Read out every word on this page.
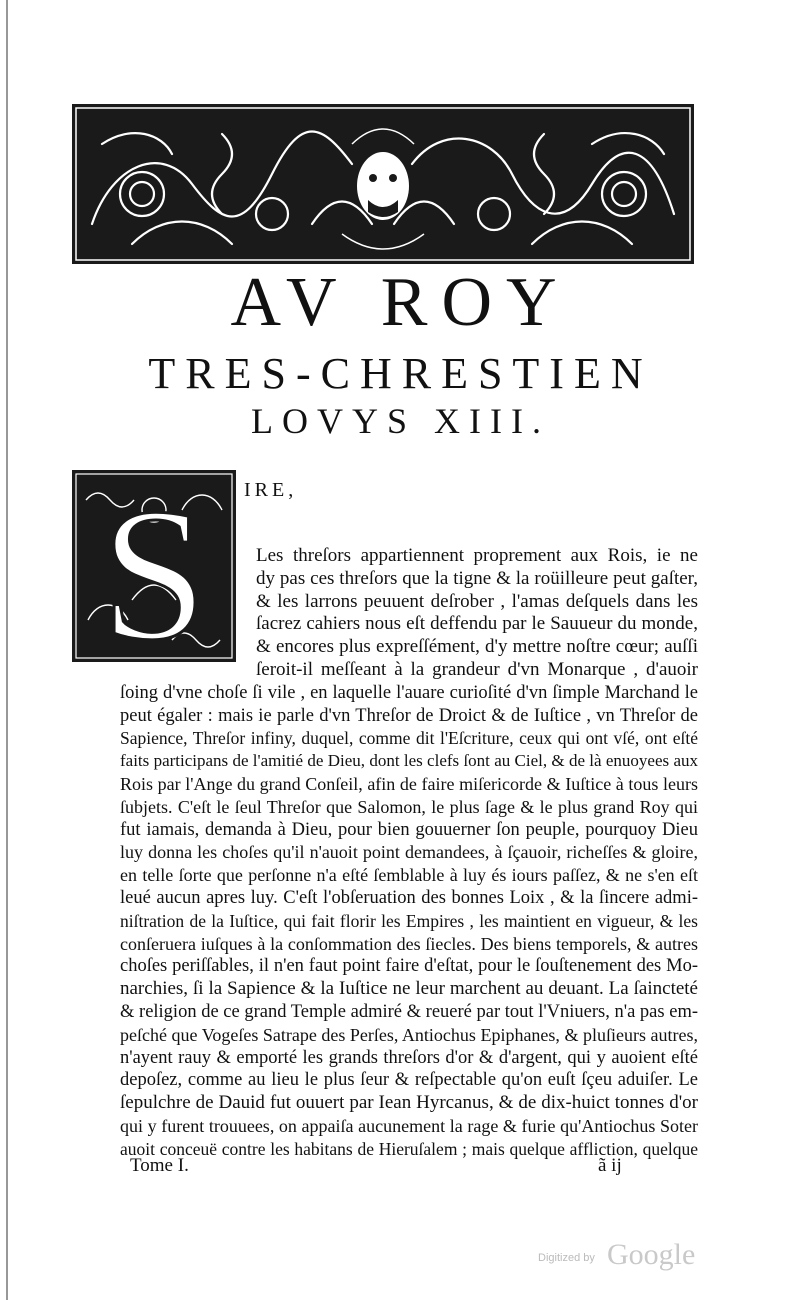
AV ROY
TRES-CHRESTIEN
LOVYS XIII.
S IRE,
Les threſors appartiennent proprement aux Rois, ie ne
dy pas ces threſors que la tigne & la roüilleure peut gaſter,
& les larrons peuuent deſrober , l'amas deſquels dans les
ſacrez cahiers nous eſt deffendu par le Sauueur du monde,
& encores plus expreſſément, d'y mettre noſtre cœur; auſſi
ſeroit-il meſſeant à la grandeur d'vn Monarque , d'auoir
ſoing d'vne choſe ſi vile , en laquelle l'auare curioſité d'vn ſimple Marchand le
peut égaler : mais ie parle d'vn Threſor de Droict & de Iuſtice , vn Threſor de
Sapience, Threſor infiny, duquel, comme dit l'Eſcriture, ceux qui ont vſé, ont eſté
faits participans de l'amitié de Dieu, dont les clefs ſont au Ciel, & de là enuoyees aux
Rois par l'Ange du grand Conſeil, afin de faire miſericorde & Iuſtice à tous leurs
ſubjets. C'eſt le ſeul Threſor que Salomon, le plus ſage & le plus grand Roy qui
fut iamais, demanda à Dieu, pour bien gouuerner ſon peuple, pourquoy Dieu
luy donna les choſes qu'il n'auoit point demandees, à ſçauoir, richeſſes & gloire,
en telle ſorte que perſonne n'a eſté ſemblable à luy és iours paſſez, & ne s'en eſt
leué aucun apres luy. C'eſt l'obſeruation des bonnes Loix , & la ſincere admi-
niſtration de la Iuſtice, qui fait florir les Empires , les maintient en vigueur, & les
conſeruera iuſques à la conſommation des ſiecles. Des biens temporels, & autres
choſes periſſables, il n'en faut point faire d'eſtat, pour le ſouſtenement des Mo-
narchies, ſi la Sapience & la Iuſtice ne leur marchent au deuant. La ſaincteté
& religion de ce grand Temple admiré & reueré par tout l'Vniuers, n'a pas em-
peſché que Vogeſes Satrape des Perſes, Antiochus Epiphanes, & pluſieurs autres,
n'ayent rauy & emporté les grands threſors d'or & d'argent, qui y auoient eſté
depoſez, comme au lieu le plus ſeur & reſpectable qu'on euſt ſçeu aduiſer. Le
ſepulchre de Dauid fut ouuert par Iean Hyrcanus, & de dix-huict tonnes d'or
qui y furent trouuees, on appaiſa aucunement la rage & furie qu'Antiochus Soter
auoit conceuë contre les habitans de Hieruſalem ; mais quelque affliction, quelque
Tome I.	ã ij
Digitized by Google
